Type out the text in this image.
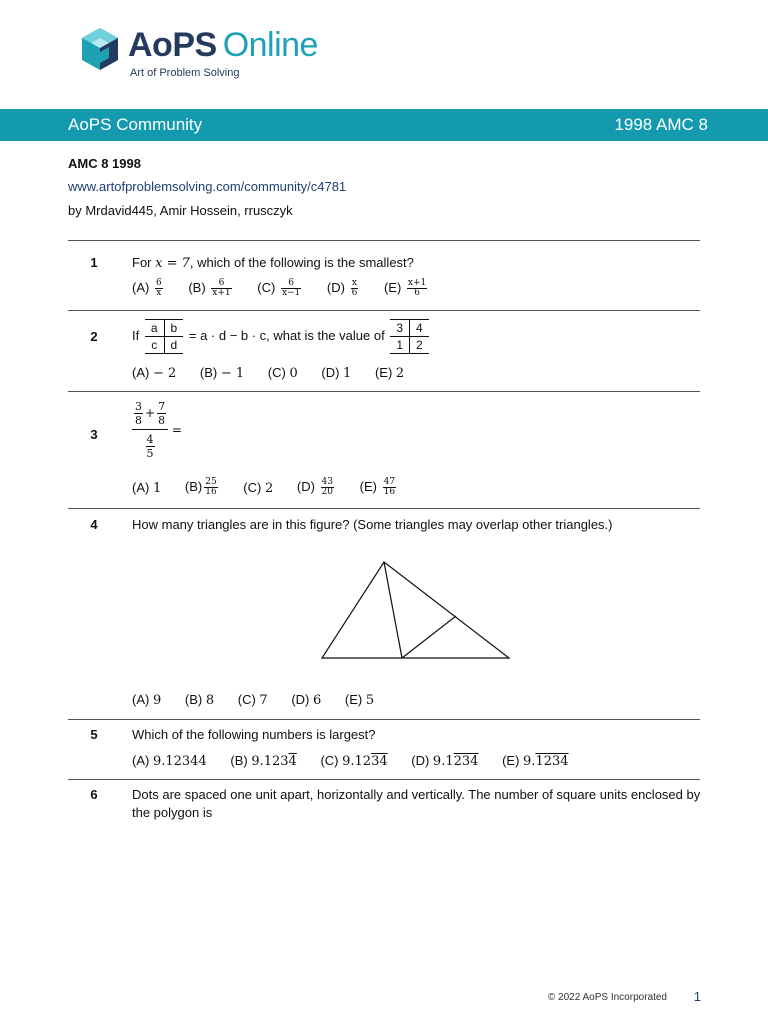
AoPS Online
Art of Problem Solving
AoPS Community	1998 AMC 8
AMC 8 1998
www.artofproblemsolving.com/community/c4781
by Mrdavid445, Amir Hossein, rrusczyk
1	For x = 7, which of the following is the smallest?
$(A) \frac{6}{x} (B) \frac{6}{x+1} (C) \frac{6}{x-1} (D) \frac{x}{6} (E) \frac{x+1}{6}$
2	If a	b
c	d
= a · d − b · c, what is the value of 3	4
1	2
(A) − 2 (B) − 1 (C) 0 (D) 1 (E) 2
3	$\frac{\frac{3}{8} + \frac{7}{8}}{\frac{4}{5}}$ =
(A) 1 $(B) \frac{25}{16} (C)$ 2 $(D) \frac{43}{20} (E) \frac{47}{16}$
4	How many triangles are in this figure? (Some triangles may overlap other triangles.)
(A) 9 (B) 8 (C) 7 (D) 6 (E) 5
5	Which of the following numbers is largest?
(A) 9.12344 (B) 9.1234 (C) 9.1234 (D) 9.1234 (E) 9.1234
6	Dots are spaced one unit apart, horizontally and vertically. The number of square units enclosed by the polygon is
© 2022 AoPS Incorporated 1
